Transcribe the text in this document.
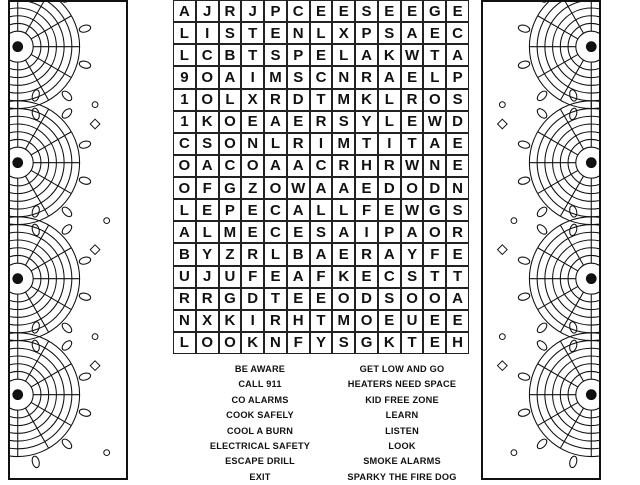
A J R J P C E E S E E G E
L	I	S T E N L X P S A E C
L C B T S P E L A K W T A
9 O A	I M S C N R A E L P
1 O L X R D T M K L R O S
1 K O E A E R S Y L E W D
C S O N L R	I M T	I	T A E
O A C O A A C R H R W N E
O F G Z O W A A E D O D N
L E P E C A L L F E W G S
A L M E C E S A	I	P A O R
B Y Z R L B A E R A Y F E
U J U F E A F K E C S T T
R R G D T E E O D S O O A
N X K	I	R H T M O E U E E
L O O K N F Y S G K T E H
BE AWARE
CALL 911
CO ALARMS
COOK SAFELY
COOL A BURN
ELECTRICAL SAFETY
ESCAPE DRILL
EXIT
GET LOW AND GO
HEATERS NEED SPACE
KID FREE ZONE
LEARN
LISTEN
LOOK
SMOKE ALARMS
SPARKY THE FIRE DOG
